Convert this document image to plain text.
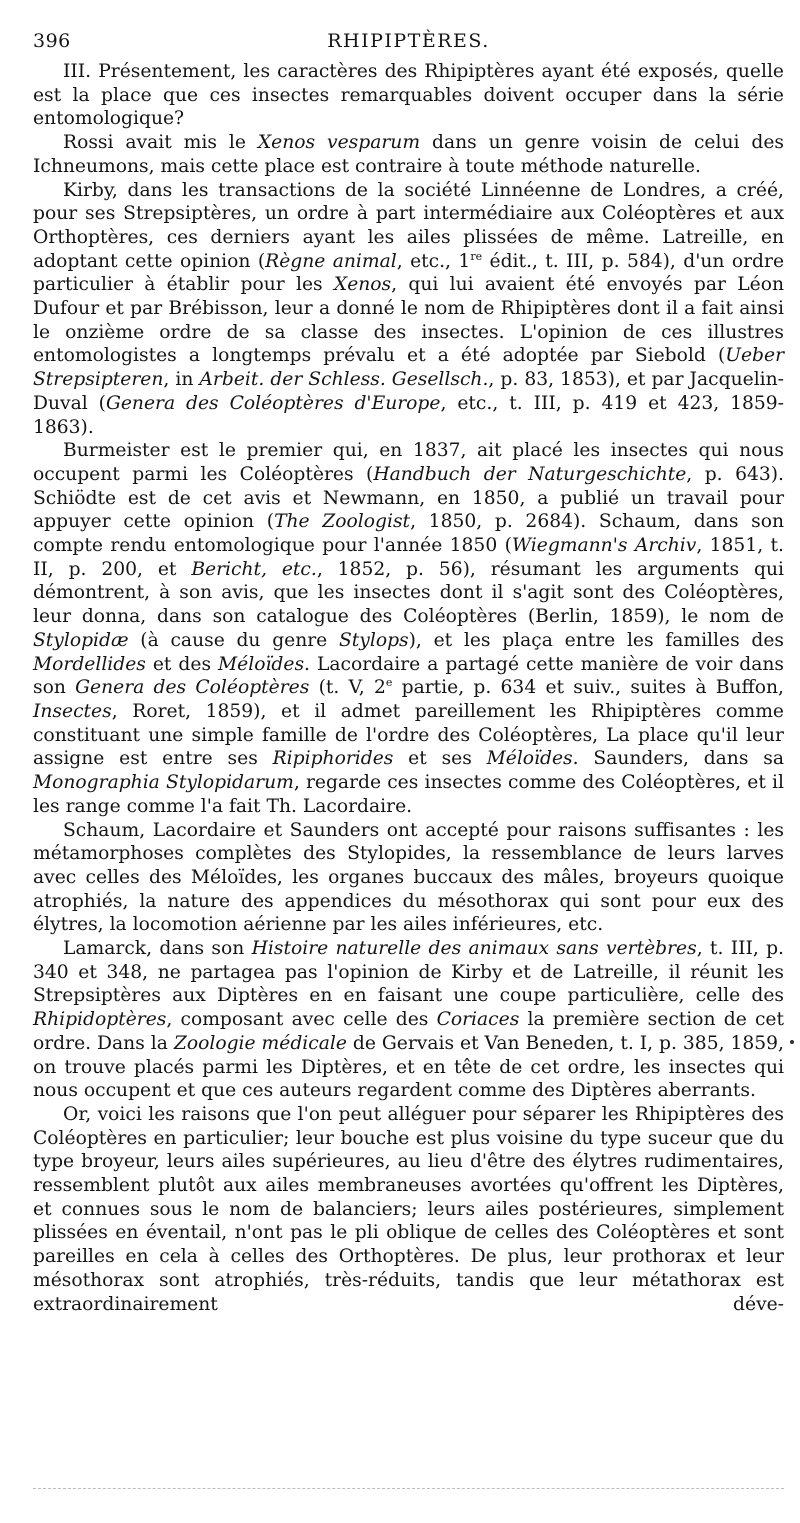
396	RHIPIPTÈRES.

III. Présentement, les caractères des Rhipiptères ayant été exposés, quelle est la place que ces insectes remarquables doivent occuper dans la série entomologique?

Rossi avait mis le Xenos vesparum dans un genre voisin de celui des Ichneumons, mais cette place est contraire à toute méthode naturelle.

Kirby, dans les transactions de la société Linnéenne de Londres, a créé, pour ses Strepsiptères, un ordre à part intermédiaire aux Coléoptères et aux Orthoptères, ces derniers ayant les ailes plissées de même. Latreille, en adoptant cette opinion (Règne animal, etc., 1re édit., t. III, p. 584), d'un ordre particulier à établir pour les Xenos, qui lui avaient été envoyés par Léon Dufour et par Brébisson, leur a donné le nom de Rhipiptères dont il a fait ainsi le onzième ordre de sa classe des insectes. L'opinion de ces illustres entomologistes a longtemps prévalu et a été adoptée par Siebold (Ueber Strepsipteren, in Arbeit. der Schless. Gesellsch., p. 83, 1853), et par Jacquelin-Duval (Genera des Coléoptères d'Europe, etc., t. III, p. 419 et 423, 1859-1863).

Burmeister est le premier qui, en 1837, ait placé les insectes qui nous occupent parmi les Coléoptères (Handbuch der Naturgeschichte, p. 643). Schiödte est de cet avis et Newmann, en 1850, a publié un travail pour appuyer cette opinion (The Zoologist, 1850, p. 2684). Schaum, dans son compte rendu entomologique pour l'année 1850 (Wiegmann's Archiv, 1851, t. II, p. 200, et Bericht, etc., 1852, p. 56), résumant les arguments qui démontrent, à son avis, que les insectes dont il s'agit sont des Coléoptères, leur donna, dans son catalogue des Coléoptères (Berlin, 1859), le nom de Stylopidæ (à cause du genre Stylops), et les plaça entre les familles des Mordellides et des Méloïdes. Lacordaire a partagé cette manière de voir dans son Genera des Coléoptères (t. V, 2e partie, p. 634 et suiv., suites à Buffon, Insectes, Roret, 1859), et il admet pareillement les Rhipiptères comme constituant une simple famille de l'ordre des Coléoptères, La place qu'il leur assigne est entre ses Ripiphorides et ses Méloïdes. Saunders, dans sa Monographia Stylopidarum, regarde ces insectes comme des Coléoptères, et il les range comme l'a fait Th. Lacordaire.

Schaum, Lacordaire et Saunders ont accepté pour raisons suffisantes : les métamorphoses complètes des Stylopides, la ressemblance de leurs larves avec celles des Méloïdes, les organes buccaux des mâles, broyeurs quoique atrophiés, la nature des appendices du mésothorax qui sont pour eux des élytres, la locomotion aérienne par les ailes inférieures, etc.

Lamarck, dans son Histoire naturelle des animaux sans vertèbres, t. III, p. 340 et 348, ne partagea pas l'opinion de Kirby et de Latreille, il réunit les Strepsiptères aux Diptères en en faisant une coupe particulière, celle des Rhipidoptères, composant avec celle des Coriaces la première section de cet ordre. Dans la Zoologie médicale de Gervais et Van Beneden, t. I, p. 385, 1859, on trouve placés parmi les Diptères, et en tête de cet ordre, les insectes qui nous occupent et que ces auteurs regardent comme des Diptères aberrants.

Or, voici les raisons que l'on peut alléguer pour séparer les Rhipiptères des Coléoptères en particulier; leur bouche est plus voisine du type suceur que du type broyeur, leurs ailes supérieures, au lieu d'être des élytres rudimentaires, ressemblent plutôt aux ailes membraneuses avortées qu'offrent les Diptères, et connues sous le nom de balanciers; leurs ailes postérieures, simplement plissées en éventail, n'ont pas le pli oblique de celles des Coléoptères et sont pareilles en cela à celles des Orthoptères. De plus, leur prothorax et leur mésothorax sont atrophiés, très-réduits, tandis que leur métathorax est extraordinairement déve-
